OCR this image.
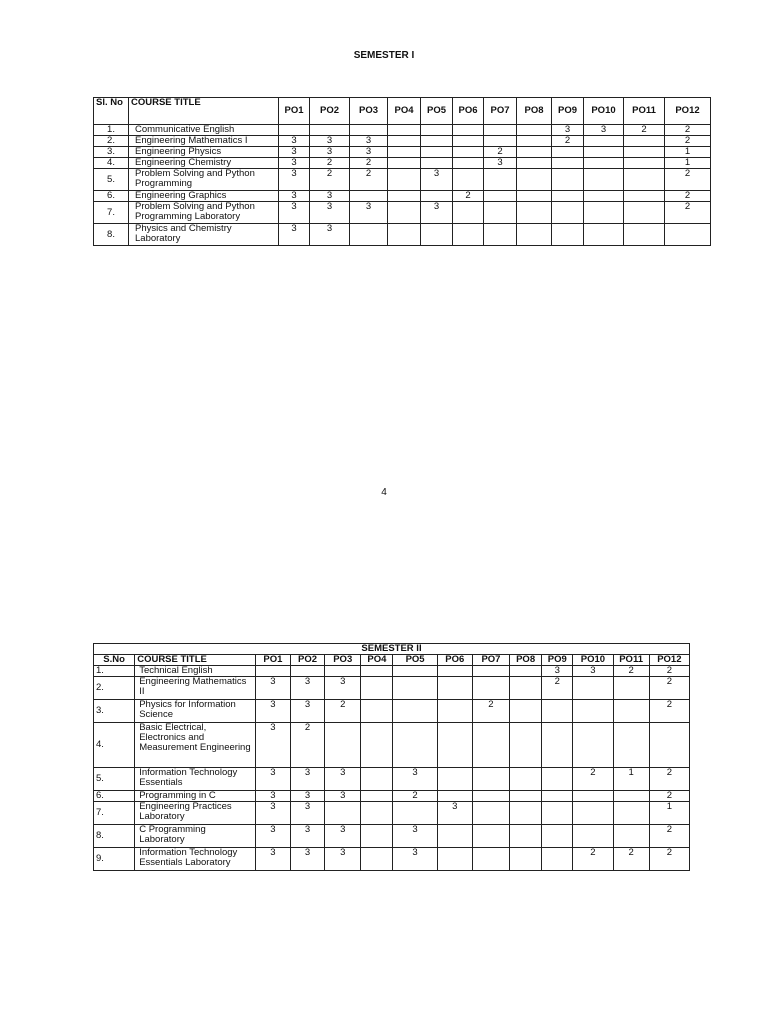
SEMESTER I
Sl. No	COURSE TITLE	PO1	PO2	PO3	PO4	PO5	PO6	PO7	PO8	PO9	PO10	PO11	PO12
1.	Communicative English									3	3	2	2
2.	Engineering Mathematics I	3	3	3						2			2
3.	Engineering Physics	3	3	3				2					1
4.	Engineering Chemistry	3	2	2				3					1
5.	Problem Solving and Python Programming	3	2	2		3							2
6.	Engineering Graphics	3	3				2						2
7.	Problem Solving and Python Programming Laboratory	3	3	3		3							2
8.	Physics and Chemistry Laboratory	3	3										
4
SEMESTER II													
S.No	COURSE TITLE	PO1	PO2	PO3	PO4	PO5	PO6	PO7	PO8	PO9	PO10	PO11	PO12
1.	Technical English									3	3	2	2
2.	Engineering Mathematics II	3	3	3						2			2
3.	Physics for Information Science	3	3	2				2					2
4.	Basic Electrical, Electronics and Measurement Engineering	3	2										
5.	Information Technology Essentials	3	3	3		3					2	1	2
6.	Programming in C	3	3	3		2							2
7.	Engineering Practices Laboratory	3	3				3						1
8.	C Programming Laboratory	3	3	3		3							2
9.	Information Technology Essentials Laboratory	3	3	3		3					2	2	2
